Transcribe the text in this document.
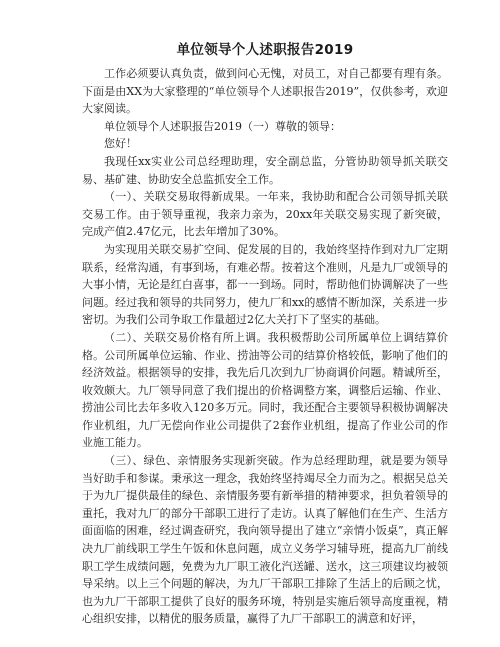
单位领导个人述职报告2019

工作必须要认真负责，做到问心无愧，对员工，对自己都要有理有条。下面是由XX为大家整理的“单位领导个人述职报告2019”，仅供参考，欢迎大家阅读。

单位领导个人述职报告2019（一）尊敬的领导：

您好！

我现任xx实业公司总经理助理，安全副总监，分管协助领导抓关联交易、基矿建、协助安全总监抓安全工作。

（一）、关联交易取得新成果。一年来，我协助和配合公司领导抓关联交易工作。由于领导重视，我亲力亲为，20xx年关联交易实现了新突破，完成产值2.47亿元，比去年增加了30%。

为实现用关联交易扩空间、促发展的目的，我始终坚持作到对九厂定期联系，经常沟通，有事到场，有难必帮。按着这个准则，凡是九厂或领导的大事小情，无论是红白喜事，都一一到场。同时，帮助他们协调解决了一些问题。经过我和领导的共同努力，使九厂和xx的感情不断加深，关系进一步密切。为我们公司争取工作量超过2亿大关打下了坚实的基础。

（二）、关联交易价格有所上调。我积极帮助公司所属单位上调结算价格。公司所属单位运输、作业、捞油等公司的结算价格较低，影响了他们的经济效益。根据领导的安排，我先后几次到九厂协商调价问题。精诚所至，收效颇大。九厂领导同意了我们提出的价格调整方案，调整后运输、作业、捞油公司比去年多收入120多万元。同时，我还配合主要领导积极协调解决作业机组，九厂无偿向作业公司提供了2套作业机组，提高了作业公司的作业施工能力。

（三）、绿色、亲情服务实现新突破。作为总经理助理，就是要为领导当好助手和参谋。秉承这一理念，我始终坚持竭尽全力而为之。根据吴总关于为九厂提供最佳的绿色、亲情服务要有新举措的精神要求，担负着领导的重托，我对九厂的部分干部职工进行了走访。认真了解他们在生产、生活方面面临的困难，经过调查研究，我向领导提出了建立“亲情小饭桌”，真正解决九厂前线职工学生午饭和休息问题，成立义务学习辅导班，提高九厂前线职工学生成绩问题，免费为九厂职工液化汽送罐、送水，这三项建议均被领导采纳。以上三个问题的解决，为九厂干部职工排除了生活上的后顾之忧，也为九厂干部职工提供了良好的服务环境，特别是实施后领导高度重视，精心组织安排，以精优的服务质量，赢得了九厂干部职工的满意和好评，
